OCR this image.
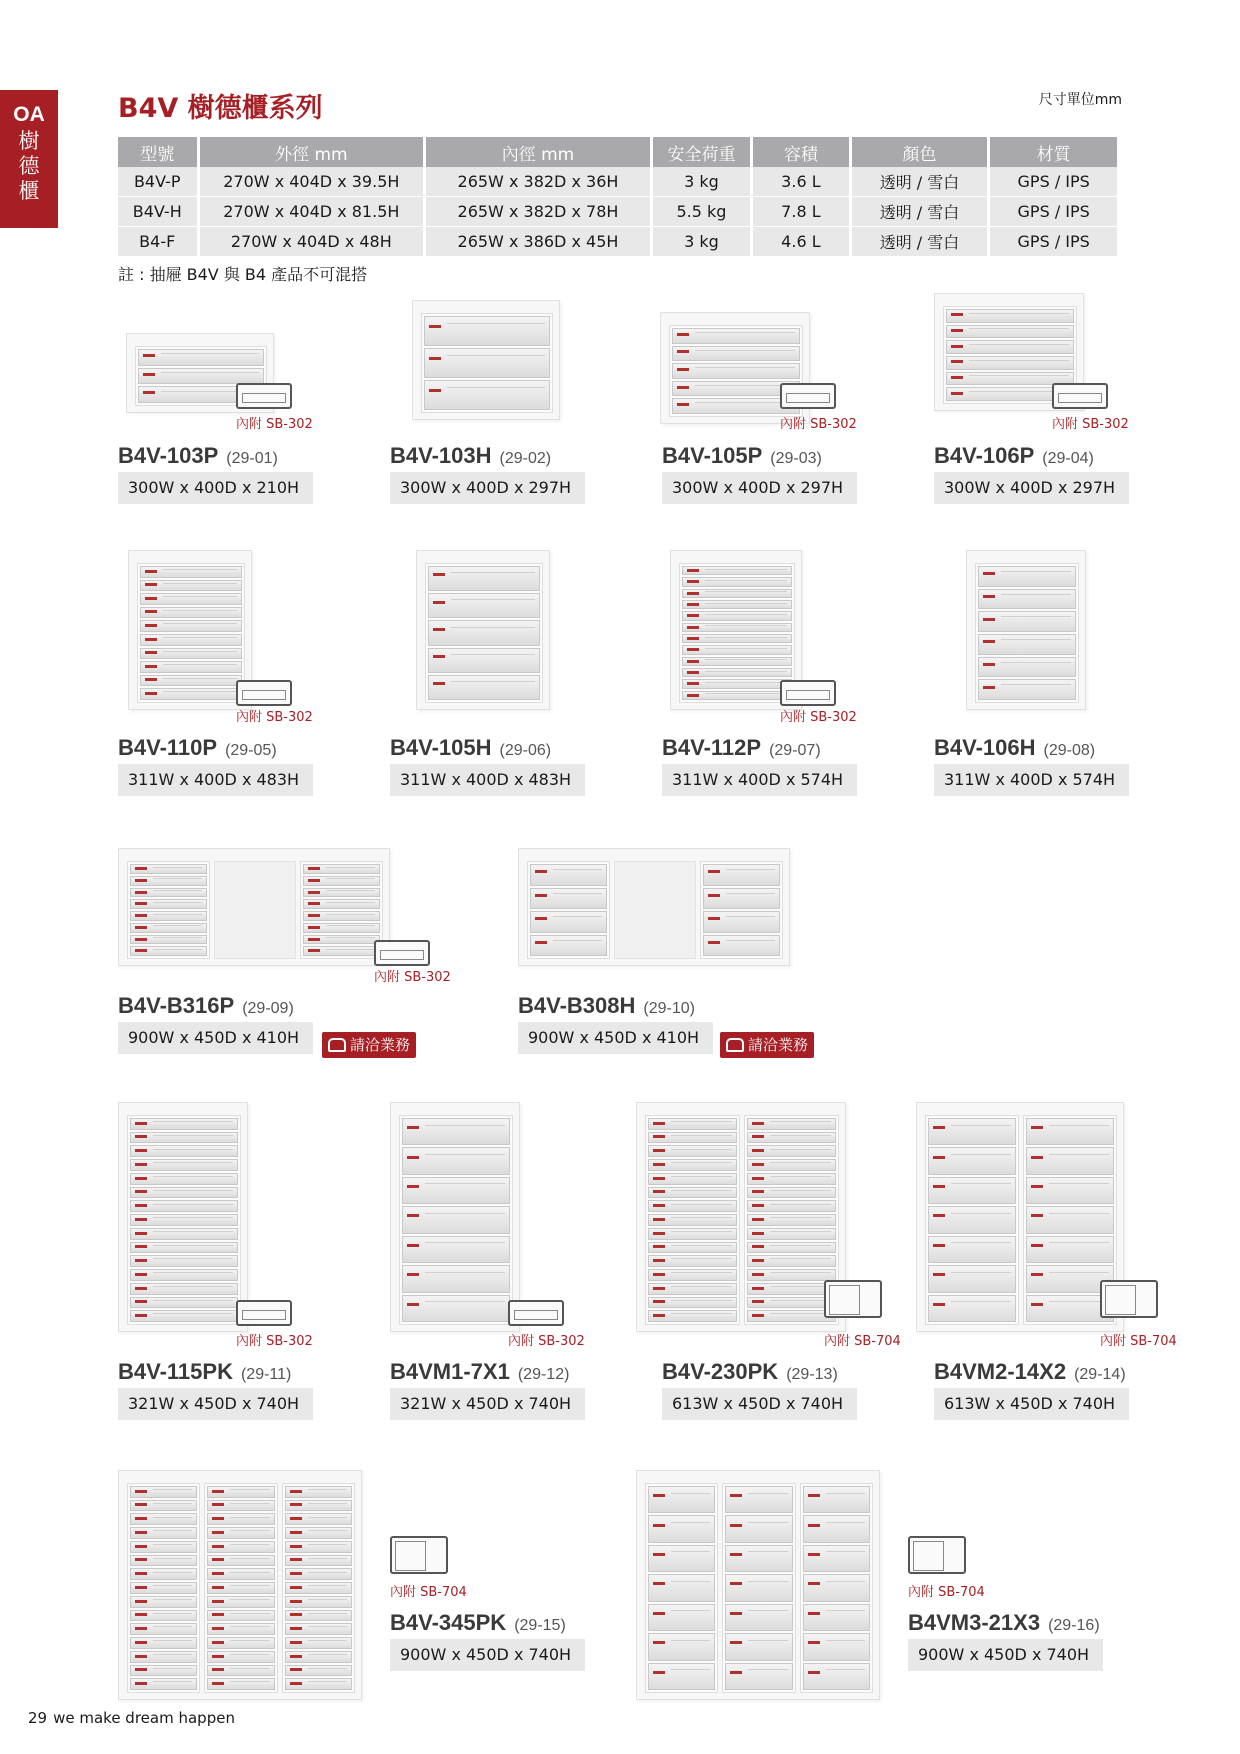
OA
樹德櫃
B4V 樹德櫃系列	尺寸單位mm
型號	外徑 mm	內徑 mm	安全荷重	容積	顏色	材質
B4V-P	270W x 404D x 39.5H	265W x 382D x 36H	3 kg	3.6 L	透明 / 雪白	GPS / IPS
B4V-H	270W x 404D x 81.5H	265W x 382D x 78H	5.5 kg	7.8 L	透明 / 雪白	GPS / IPS
B4-F	270W x 404D x 48H	265W x 386D x 45H	3 kg	4.6 L	透明 / 雪白	GPS / IPS
註 : 抽屜 B4V 與 B4 產品不可混搭
內附 SB-302
B4V-103P (29-01)
300W x 400D x 210H
B4V-103H (29-02)
300W x 400D x 297H
內附 SB-302
B4V-105P (29-03)
300W x 400D x 297H
內附 SB-302
B4V-106P (29-04)
300W x 400D x 297H
內附 SB-302
B4V-110P (29-05)
311W x 400D x 483H
B4V-105H (29-06)
311W x 400D x 483H
內附 SB-302
B4V-112P (29-07)
311W x 400D x 574H
B4V-106H (29-08)
311W x 400D x 574H
內附 SB-302
B4V-B316P (29-09)
900W x 450D x 410H	請洽業務
B4V-B308H (29-10)
900W x 450D x 410H	請洽業務
內附 SB-302
B4V-115PK (29-11)
321W x 450D x 740H
內附 SB-302
B4VM1-7X1 (29-12)
321W x 450D x 740H
內附 SB-704
B4V-230PK (29-13)
613W x 450D x 740H
內附 SB-704
B4VM2-14X2 (29-14)
613W x 450D x 740H
內附 SB-704
B4V-345PK (29-15)
900W x 450D x 740H
內附 SB-704
B4VM3-21X3 (29-16)
900W x 450D x 740H
29 we make dream happen
